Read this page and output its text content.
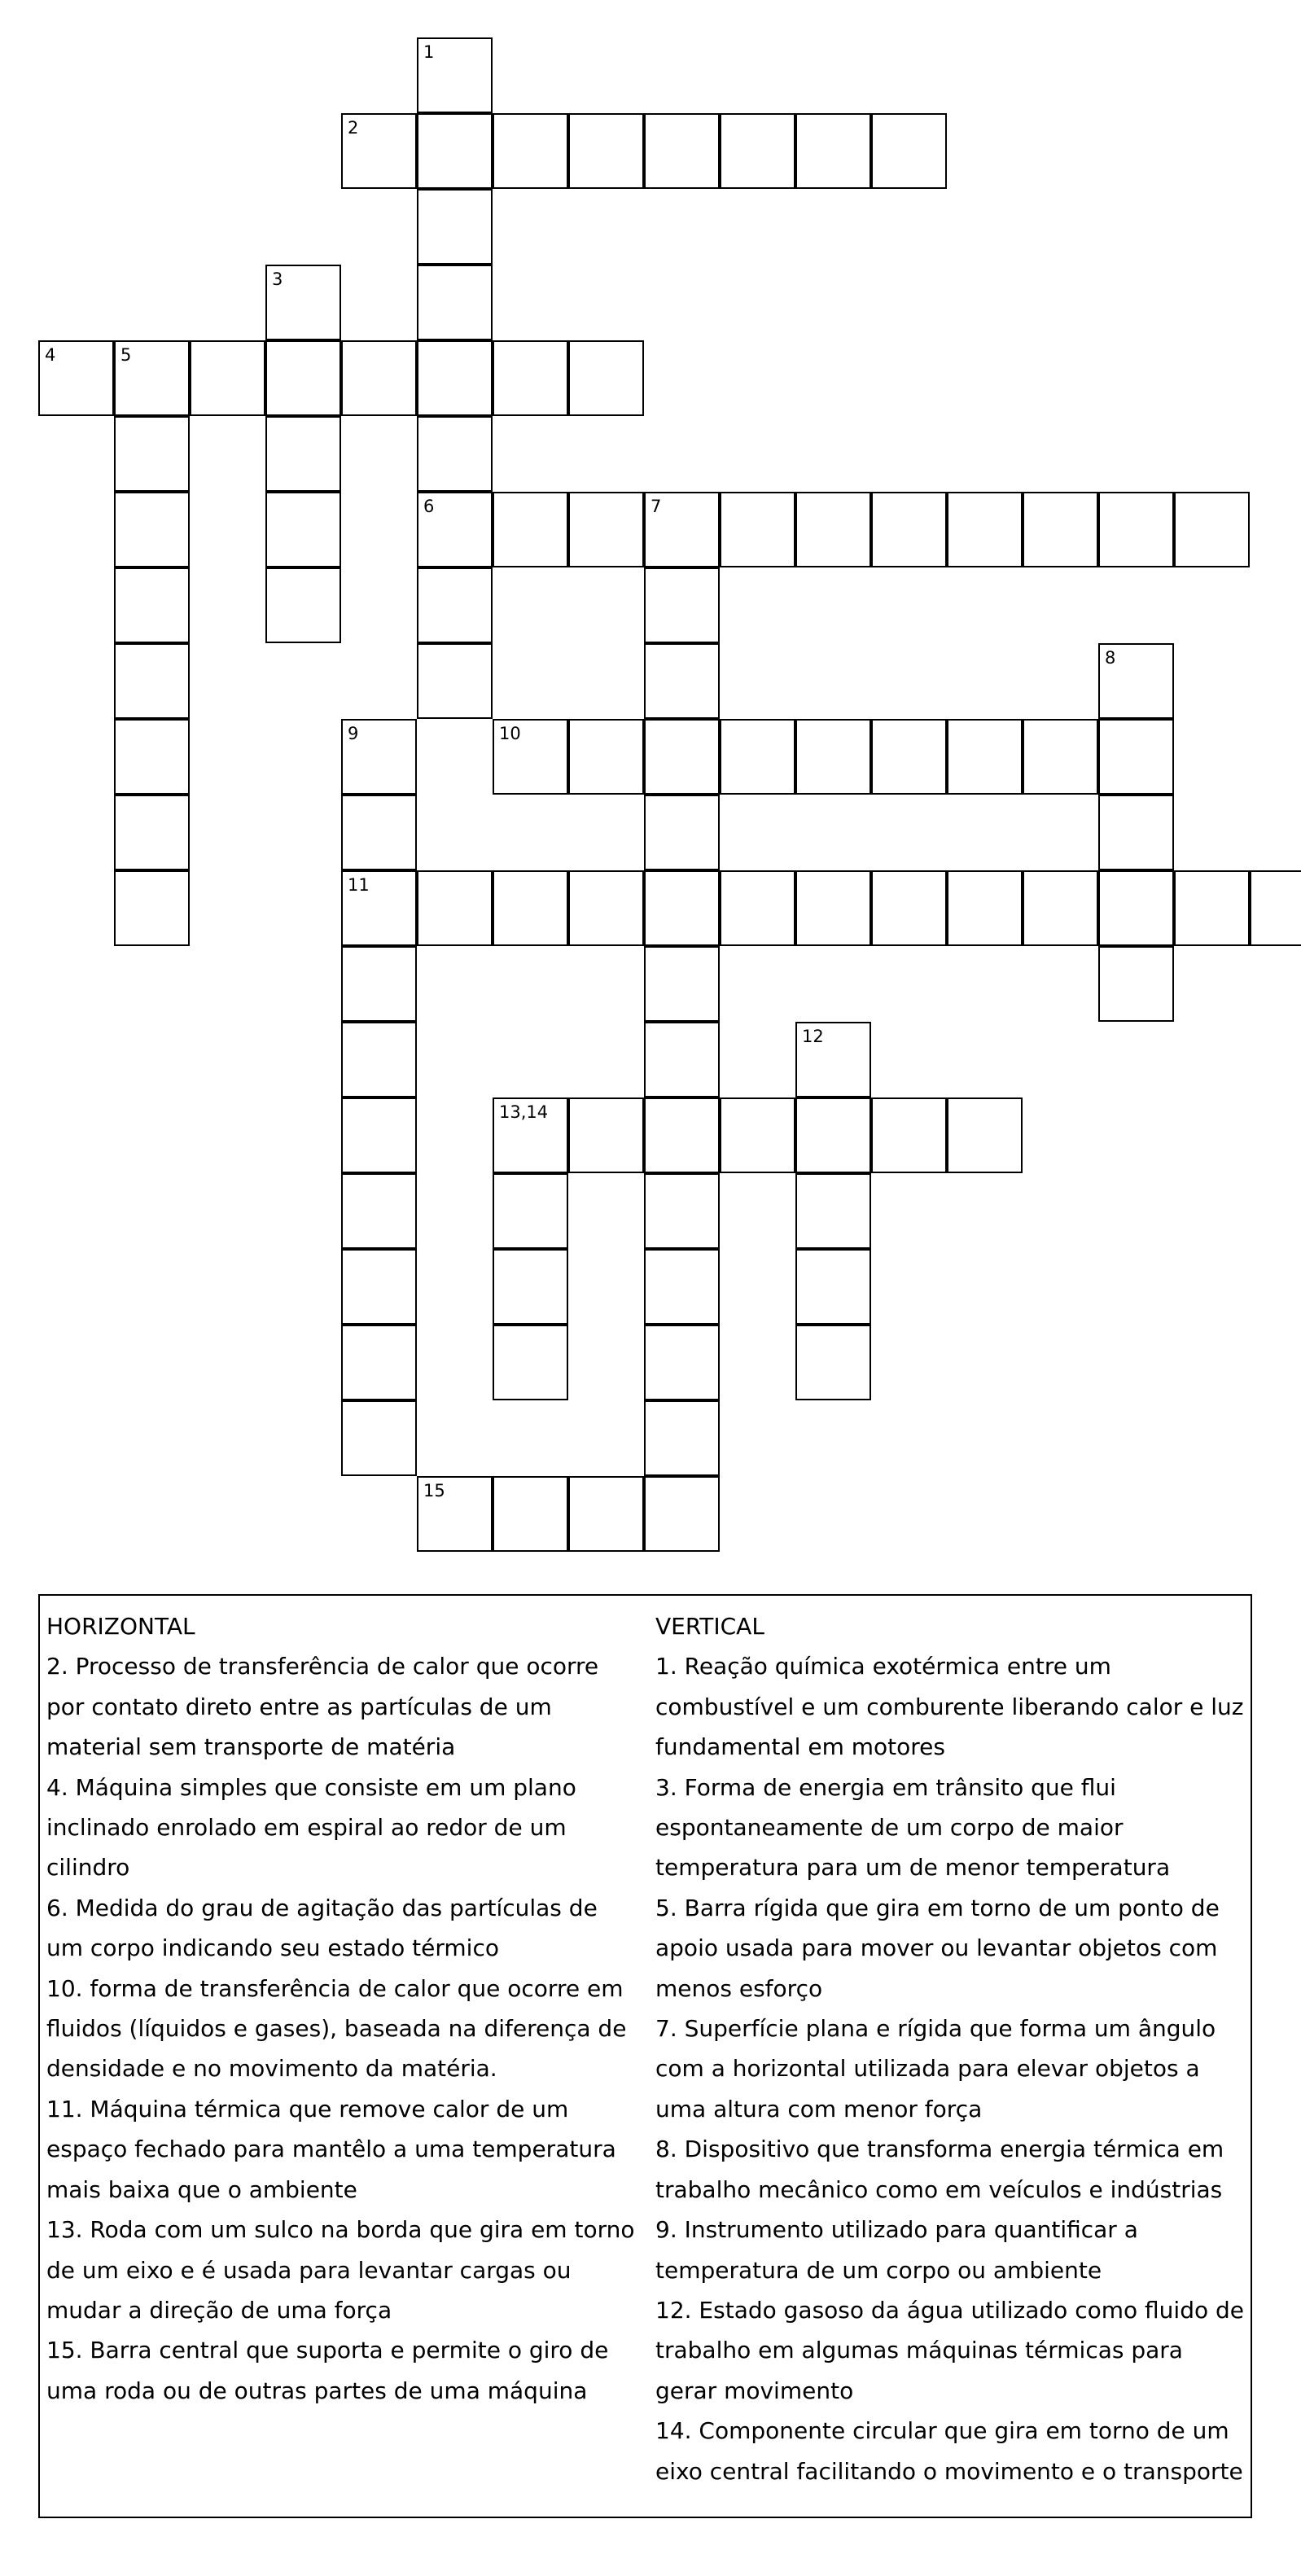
1
6
2
4	5
7
10
11
13,14
15
3
8
9
12
HORIZONTAL
2. Processo de transferência de calor que ocorre por contato direto entre as partículas de um material sem transporte de matéria
4. Máquina simples que consiste em um plano inclinado enrolado em espiral ao redor de um cilindro
6. Medida do grau de agitação das partículas de um corpo indicando seu estado térmico
10. forma de transferência de calor que ocorre em fluidos (líquidos e gases), baseada na diferença de densidade e no movimento da matéria.
11. Máquina térmica que remove calor de um espaço fechado para mantêlo a uma temperatura mais baixa que o ambiente
13. Roda com um sulco na borda que gira em torno de um eixo e é usada para levantar cargas ou mudar a direção de uma força
15. Barra central que suporta e permite o giro de uma roda ou de outras partes de uma máquina
VERTICAL
1. Reação química exotérmica entre um combustível e um comburente liberando calor e luz fundamental em motores
3. Forma de energia em trânsito que flui espontaneamente de um corpo de maior temperatura para um de menor temperatura
5. Barra rígida que gira em torno de um ponto de apoio usada para mover ou levantar objetos com menos esforço
7. Superfície plana e rígida que forma um ângulo com a horizontal utilizada para elevar objetos a uma altura com menor força
8. Dispositivo que transforma energia térmica em trabalho mecânico como em veículos e indústrias
9. Instrumento utilizado para quantificar a temperatura de um corpo ou ambiente
12. Estado gasoso da água utilizado como fluido de trabalho em algumas máquinas térmicas para gerar movimento
14. Componente circular que gira em torno de um eixo central facilitando o movimento e o transporte
